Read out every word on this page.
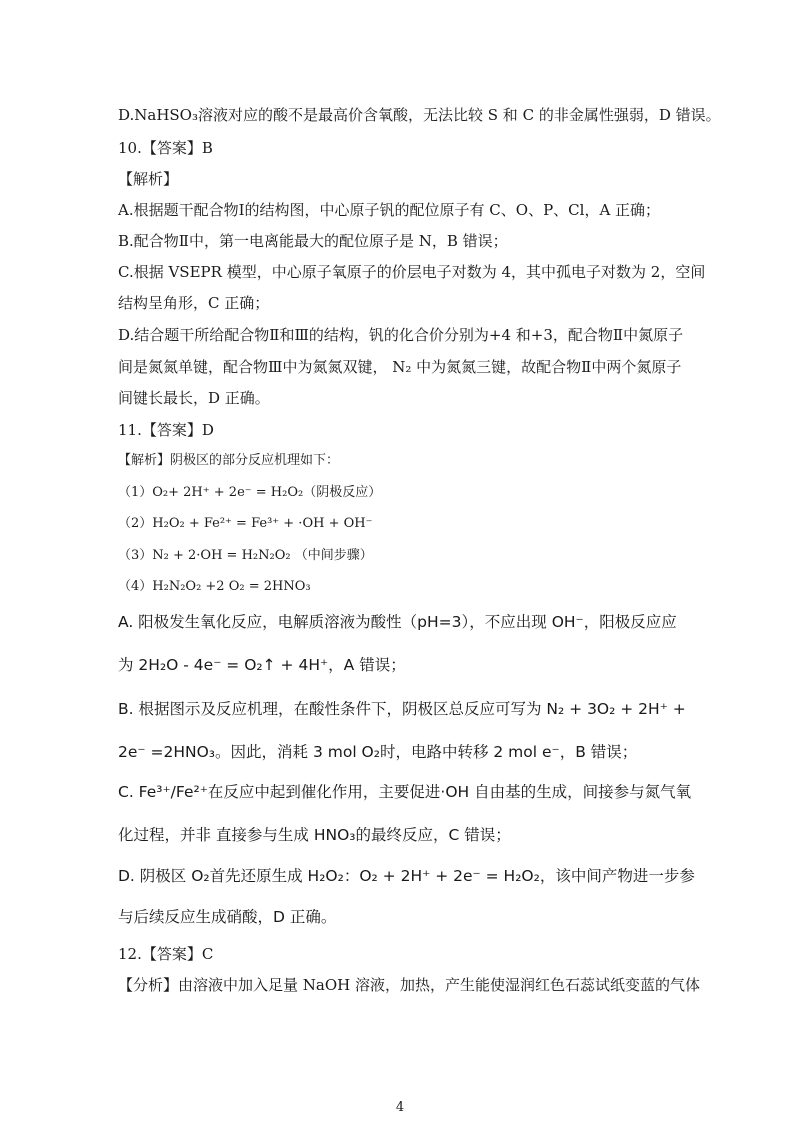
D.NaHSO₃溶液对应的酸不是最高价含氧酸，无法比较 S 和 C 的非金属性强弱，D 错误。
10.【答案】B
【解析】
A.根据题干配合物Ⅰ的结构图，中心原子钒的配位原子有 C、O、P、Cl，A 正确；
B.配合物Ⅱ中，第一电离能最大的配位原子是 N，B 错误；
C.根据 VSEPR 模型，中心原子氧原子的价层电子对数为 4，其中孤电子对数为 2，空间
结构呈角形，C 正确；
D.结合题干所给配合物Ⅱ和Ⅲ的结构，钒的化合价分别为+4 和+3，配合物Ⅱ中氮原子
间是氮氮单键，配合物Ⅲ中为氮氮双键， N₂ 中为氮氮三键，故配合物Ⅱ中两个氮原子
间键长最长，D 正确。
11.【答案】D
【解析】阴极区的部分反应机理如下：
（1）O₂+ 2H⁺ + 2e⁻ = H₂O₂（阴极反应）
（2）H₂O₂ + Fe²⁺ = Fe³⁺ + ·OH + OH⁻
（3）N₂ + 2·OH = H₂N₂O₂ （中间步骤）
（4）H₂N₂O₂ +2 O₂ = 2HNO₃
A. 阳极发生氧化反应，电解质溶液为酸性（pH=3），不应出现 OH⁻，阳极反应应
为 2H₂O - 4e⁻ = O₂↑ + 4H⁺，A 错误；
B. 根据图示及反应机理，在酸性条件下，阴极区总反应可写为 N₂ + 3O₂ + 2H⁺ +
2e⁻ =2HNO₃。因此，消耗 3 mol O₂时，电路中转移 2 mol e⁻，B 错误；
C. Fe³⁺/Fe²⁺在反应中起到催化作用，主要促进·OH 自由基的生成，间接参与氮气氧
化过程，并非 直接参与生成 HNO₃的最终反应，C 错误；
D. 阴极区 O₂首先还原生成 H₂O₂：O₂ + 2H⁺ + 2e⁻ = H₂O₂，该中间产物进一步参
与后续反应生成硝酸，D 正确。
12.【答案】C
【分析】由溶液中加入足量 NaOH 溶液，加热，产生能使湿润红色石蕊试纸变蓝的气体
4
